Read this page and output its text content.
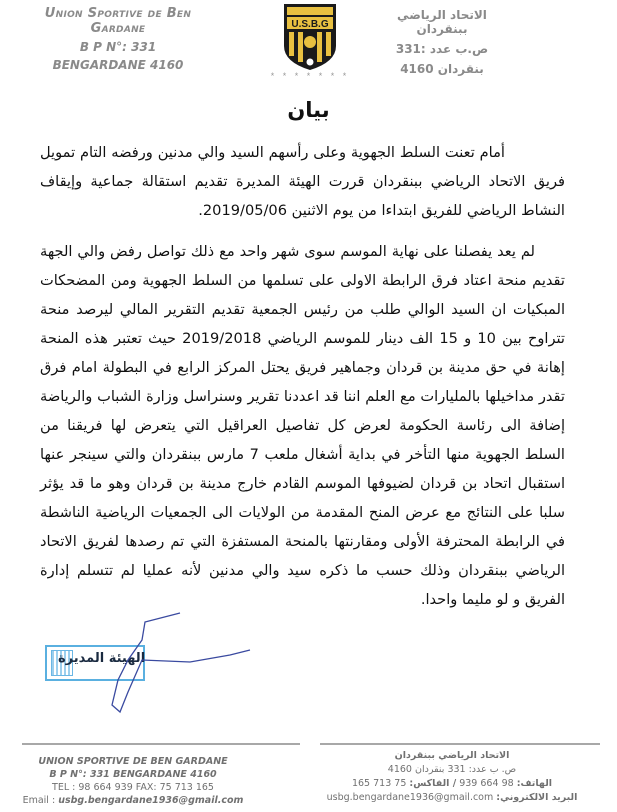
Union Sportive de Ben Gardane
B P N°: 331
BENGARDANE 4160
U.S.B.G
* * * * * * *
الاتحاد الرياضي ببنقردان
ص.ب عدد :331
بنقردان 4160
بيان

أمام تعنت السلط الجهوية وعلى رأسهم السيد والي مدنين ورفضه التام تمويل فريق الاتحاد الرياضي ببنقردان قررت الهيئة المديرة تقديم استقالة جماعية وإيقاف النشاط الرياضي للفريق ابتداءا من يوم الاثنين 2019/05/06.

لم يعد يفصلنا على نهاية الموسم سوى شهر واحد مع ذلك تواصل رفض والي الجهة تقديم منحة اعتاد فرق الرابطة الاولى على تسلمها من السلط الجهوية ومن المضحكات المبكيات ان السيد الوالي طلب من رئيس الجمعية تقديم التقرير المالي ليرصد منحة تتراوح بين 10 و 15 الف دينار للموسم الرياضي 2019/2018 حيث تعتبر هذه المنحة إهانة في حق مدينة بن قردان وجماهير فريق يحتل المركز الرابع في البطولة امام فرق تقدر مداخيلها بالمليارات مع العلم اننا قد اعددنا تقرير وسنراسل وزارة الشباب والرياضة إضافة الى رئاسة الحكومة لعرض كل تفاصيل العراقيل التي يتعرض لها فريقنا من السلط الجهوية منها التأخر في بداية أشغال ملعب 7 مارس ببنقردان والتي سينجر عنها استقبال اتحاد بن قردان لضيوفها الموسم القادم خارج مدينة بن قردان وهو ما قد يؤثر سلبا على النتائج مع عرض المنح المقدمة من الولايات الى الجمعيات الرياضية الناشطة في الرابطة المحترفة الأولى ومقارنتها بالمنحة المستفزة التي تم رصدها لفريق الاتحاد الرياضي ببنقردان وذلك حسب ما ذكره سيد والي مدنين لأنه عمليا لم تتسلم إدارة الفريق و لو مليما واحدا.

الهيئة المديرة
UNION SPORTIVE DE BEN GARDANE
B P N°: 331 BENGARDANE 4160
TEL : 98 664 939 FAX: 75 713 165
Email : usbg.bengardane1936@gmail.com
الاتحاد الرياضي ببنقردان
ص. ب عدد: 331 بنقردان 4160
الهاتف: 98 664 939 / الفاكس: 75 713 165
البريد الالكتروني: usbg.bengardane1936@gmail.com
